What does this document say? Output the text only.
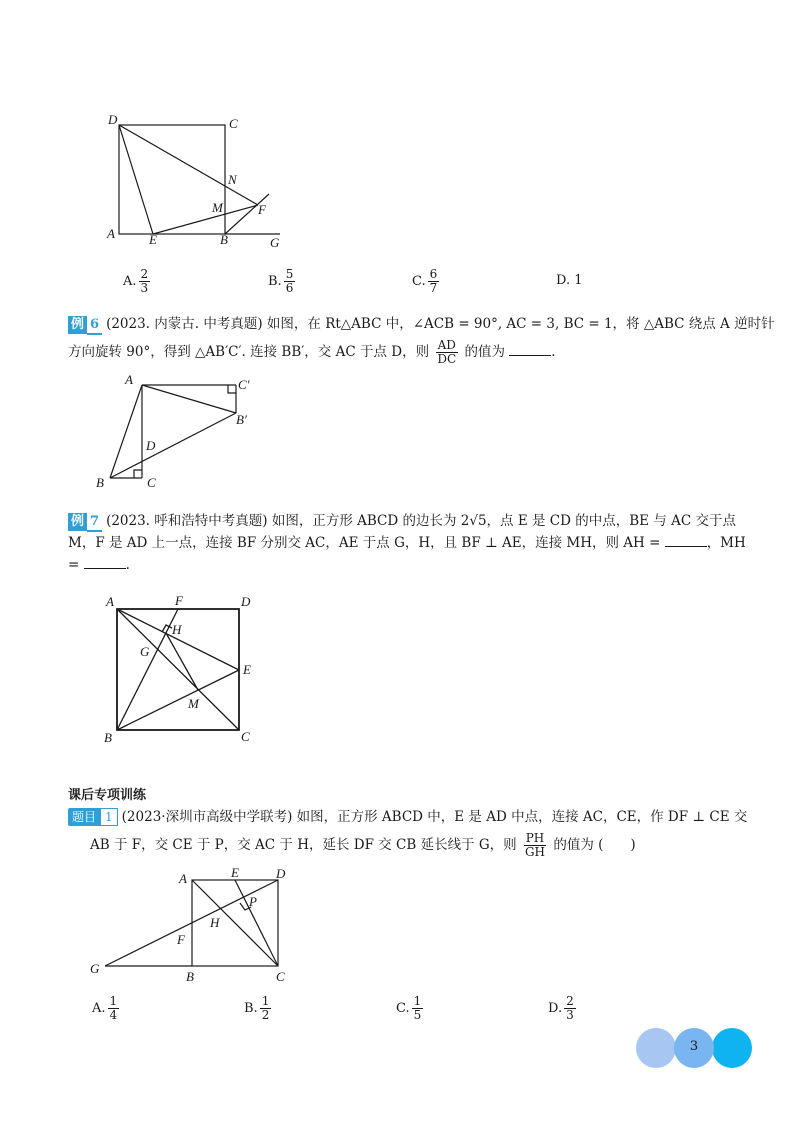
D	C
N
M	F
A	E	B	G
A. $\frac{2}{3}$	B. $\frac{5}{6}$	C. $\frac{6}{7}$	D. 1
例 6 (2023. 内蒙古. 中考真题) 如图，在 Rt△ABC 中，∠ACB = 90°, AC = 3, BC = 1，将 △ABC 绕点 A 逆时针
方向旋转 90°，得到 △AB′C′. 连接 BB′，交 AC 于点 D，则 $\frac{AD}{DC}$ 的值为	.
A	C′
B′
D
B	C
例 7 (2023. 呼和浩特中考真题) 如图，正方形 ABCD 的边长为 2√5，点 E 是 CD 的中点，BE 与 AC 交于点
M，F 是 AD 上一点，连接 BF 分别交 AC，AE 于点 G，H，且 BF ⊥ AE，连接 MH，则 AH =	，MH
=	.
A	F	D
H
G
E
M
B	C
课后专项训练
题目 1 (2023·深圳市高级中学联考) 如图，正方形 ABCD 中，E 是 AD 中点，连接 AC，CE，作 DF ⊥ CE 交
AB 于 F，交 CE 于 P，交 AC 于 H，延长 DF 交 CB 延长线于 G，则 $\frac{PH}{GH}$ 的值为 (　　)
A	E	D
P
H
F
G
B	C
A. $\frac{1}{4}$	B. $\frac{1}{2}$	C. $\frac{1}{5}$	D. $\frac{2}{3}$
3
